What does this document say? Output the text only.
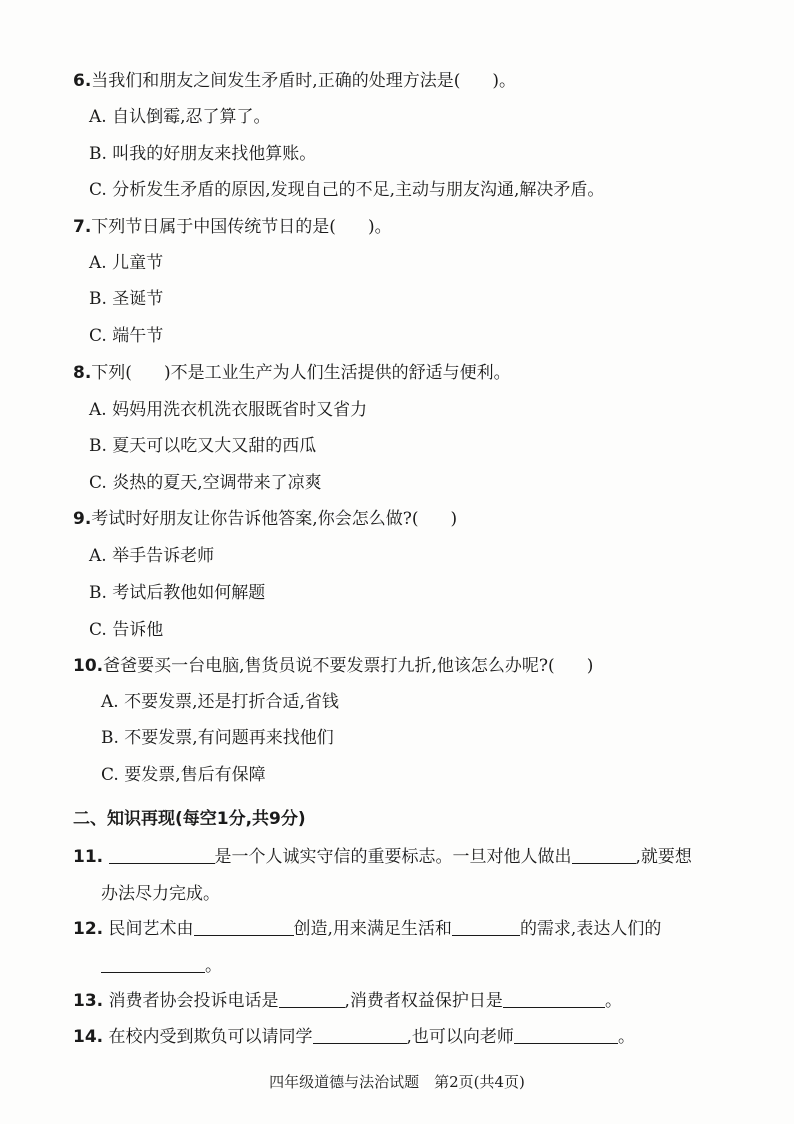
6.当我们和朋友之间发生矛盾时,正确的处理方法是( )。
A. 自认倒霉,忍了算了。
B. 叫我的好朋友来找他算账。
C. 分析发生矛盾的原因,发现自己的不足,主动与朋友沟通,解决矛盾。
7.下列节日属于中国传统节日的是( )。
A. 儿童节
B. 圣诞节
C. 端午节
8.下列( )不是工业生产为人们生活提供的舒适与便利。
A. 妈妈用洗衣机洗衣服既省时又省力
B. 夏天可以吃又大又甜的西瓜
C. 炎热的夏天,空调带来了凉爽
9.考试时好朋友让你告诉他答案,你会怎么做?( )
A. 举手告诉老师
B. 考试后教他如何解题
C. 告诉他
10.爸爸要买一台电脑,售货员说不要发票打九折,他该怎么办呢?( )
A. 不要发票,还是打折合适,省钱
B. 不要发票,有问题再来找他们
C. 要发票,售后有保障
二、知识再现(每空1分,共9分)
11.	是一个人诚实守信的重要标志。一旦对他人做出	,就要想
办法尽力完成。
12. 民间艺术由	创造,用来满足生活和	的需求,表达人们的
。
13. 消费者协会投诉电话是	,消费者权益保护日是	。
14. 在校内受到欺负可以请同学	,也可以向老师	。
四年级道德与法治试题　第2页(共4页)
